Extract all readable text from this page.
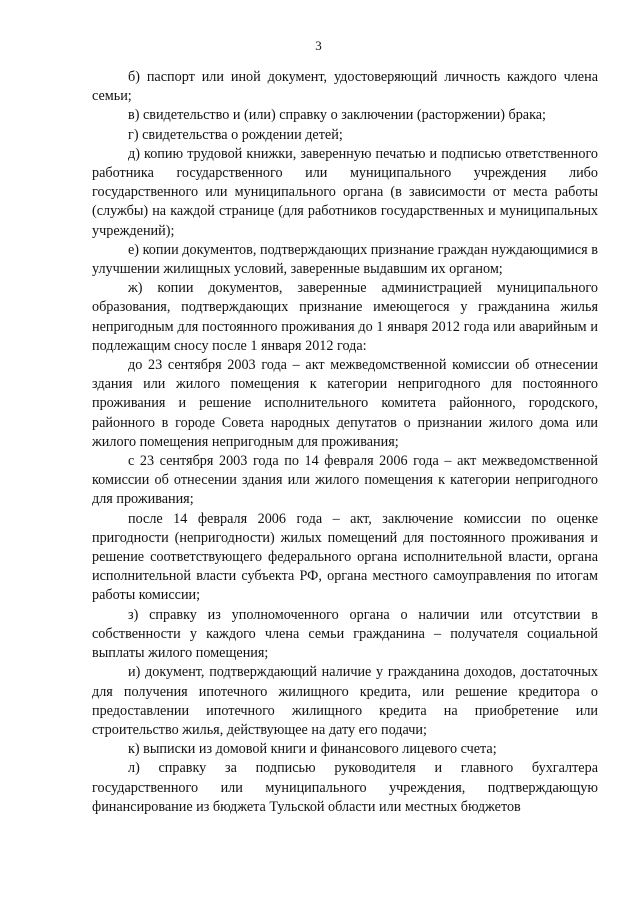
3

б) паспорт или иной документ, удостоверяющий личность каждого члена семьи;

в) свидетельство и (или) справку о заключении (расторжении) брака;

г) свидетельства о рождении детей;

д) копию трудовой книжки, заверенную печатью и подписью ответственного работника государственного или муниципального учреждения либо государственного или муниципального органа (в зависимости от места работы (службы) на каждой странице (для работников государственных и муниципальных учреждений);

е) копии документов, подтверждающих признание граждан нуждающимися в улучшении жилищных условий, заверенные выдавшим их органом;

ж) копии документов, заверенные администрацией муниципального образования, подтверждающих признание имеющегося у гражданина жилья непригодным для постоянного проживания до 1 января 2012 года или аварийным и подлежащим сносу после 1 января 2012 года:

до 23 сентября 2003 года – акт межведомственной комиссии об отнесении здания или жилого помещения к категории непригодного для постоянного проживания и решение исполнительного комитета районного, городского, районного в городе Совета народных депутатов о признании жилого дома или жилого помещения непригодным для проживания;

с 23 сентября 2003 года по 14 февраля 2006 года – акт межведомственной комиссии об отнесении здания или жилого помещения к категории непригодного для проживания;

после 14 февраля 2006 года – акт, заключение комиссии по оценке пригодности (непригодности) жилых помещений для постоянного проживания и решение соответствующего федерального органа исполнительной власти, органа исполнительной власти субъекта РФ, органа местного самоуправления по итогам работы комиссии;

з) справку из уполномоченного органа о наличии или отсутствии в собственности у каждого члена семьи гражданина – получателя социальной выплаты жилого помещения;

и) документ, подтверждающий наличие у гражданина доходов, достаточных для получения ипотечного жилищного кредита, или решение кредитора о предоставлении ипотечного жилищного кредита на приобретение или строительство жилья, действующее на дату его подачи;

к) выписки из домовой книги и финансового лицевого счета;

л) справку за подписью руководителя и главного бухгалтера государственного или муниципального учреждения, подтверждающую финансирование из бюджета Тульской области или местных бюджетов
